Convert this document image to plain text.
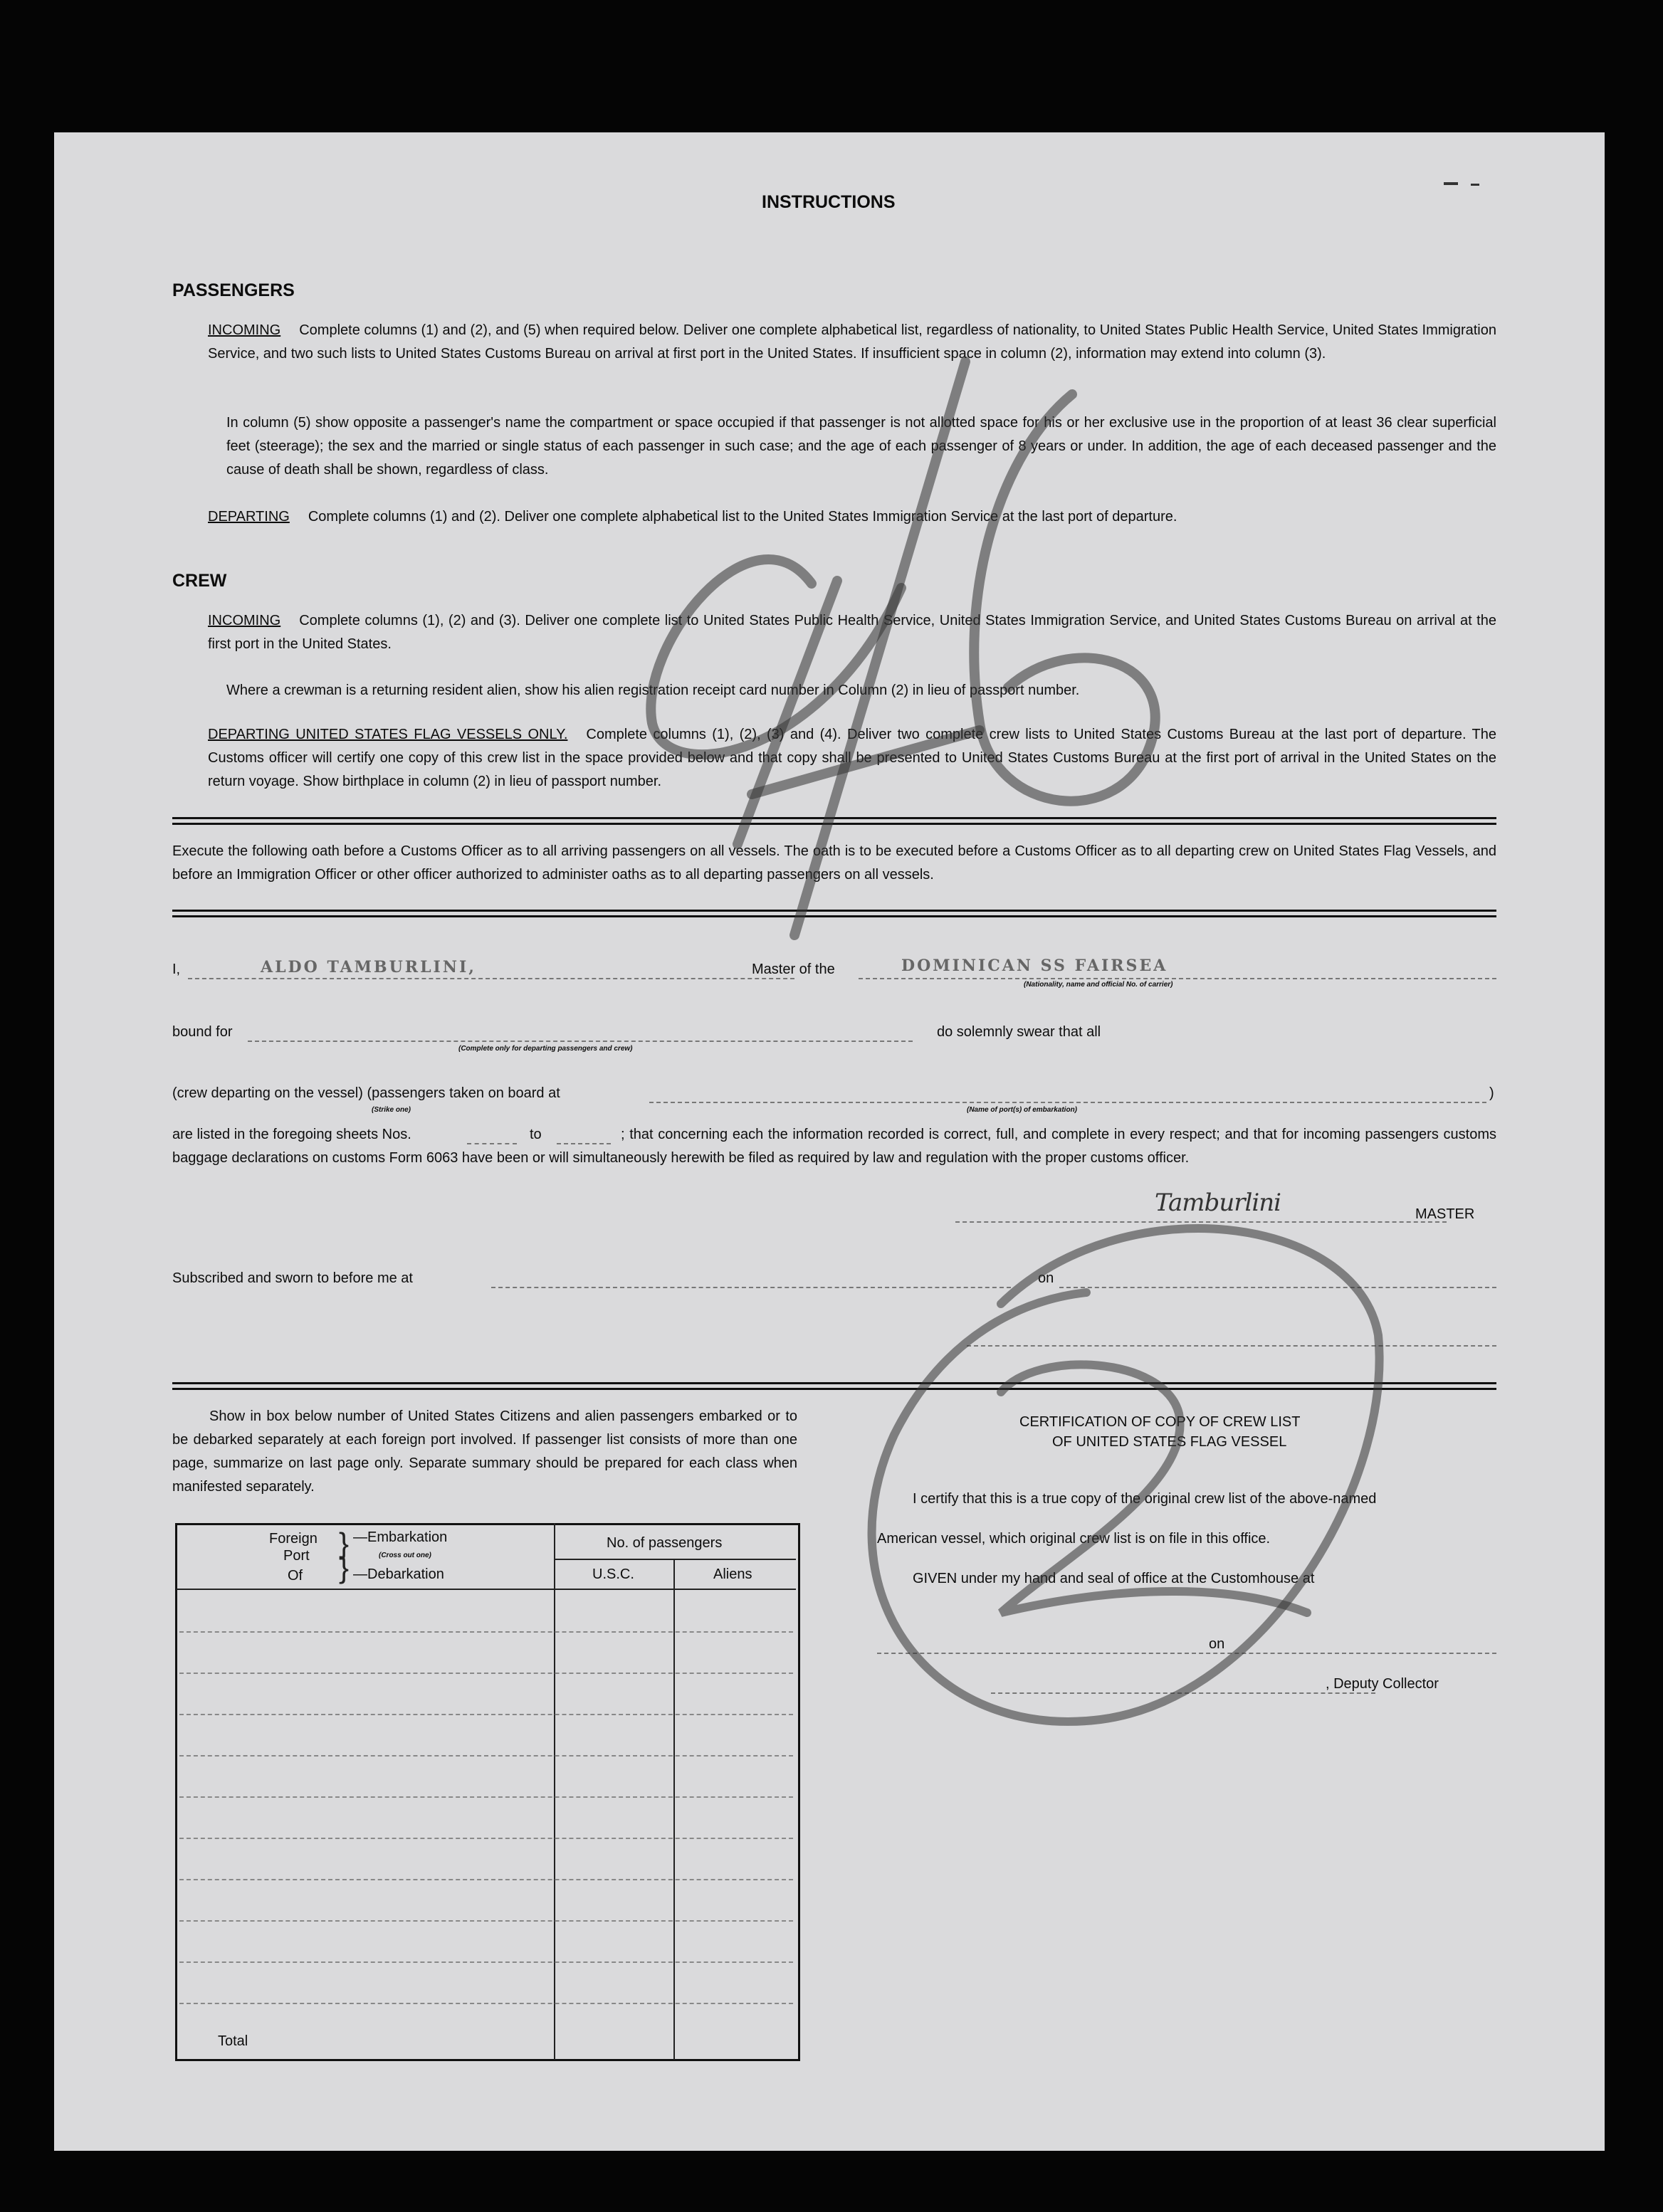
INSTRUCTIONS
PASSENGERS
INCOMING Complete columns (1) and (2), and (5) when required below. Deliver one complete alphabetical list, regardless of nationality, to United States Public Health Service, United States Immigration Service, and two such lists to United States Customs Bureau on arrival at first port in the United States. If insufficient space in column (2), information may extend into column (3).
In column (5) show opposite a passenger's name the compartment or space occupied if that passenger is not allotted space for his or her exclusive use in the proportion of at least 36 clear superficial feet (steerage); the sex and the married or single status of each passenger in such case; and the age of each passenger of 8 years or under. In addition, the age of each deceased passenger and the cause of death shall be shown, regardless of class.
DEPARTING Complete columns (1) and (2). Deliver one complete alphabetical list to the United States Immigration Service at the last port of departure.
CREW
INCOMING Complete columns (1), (2) and (3). Deliver one complete list to United States Public Health Service, United States Immigration Service, and United States Customs Bureau on arrival at the first port in the United States.
Where a crewman is a returning resident alien, show his alien registration receipt card number in Column (2) in lieu of passport number.
DEPARTING UNITED STATES FLAG VESSELS ONLY. Complete columns (1), (2), (3) and (4). Deliver two complete crew lists to United States Customs Bureau at the last port of departure. The Customs officer will certify one copy of this crew list in the space provided below and that copy shall be presented to United States Customs Bureau at the first port of arrival in the United States on the return voyage. Show birthplace in column (2) in lieu of passport number.
Execute the following oath before a Customs Officer as to all arriving passengers on all vessels. The oath is to be executed before a Customs Officer as to all departing crew on United States Flag Vessels, and before an Immigration Officer or other officer authorized to administer oaths as to all departing passengers on all vessels.
I,	ALDO TAMBURLINI,	Master of the	DOMINICAN SS FAIRSEA
(Nationality, name and official No. of carrier)
bound for
(Complete only for departing passengers and crew)
do solemnly swear that all
(crew departing on the vessel) (passengers taken on board at	)
(Strike one)	(Name of port(s) of embarkation)
are listed in the foregoing sheets Nos.	to	; that concerning each the information recorded is correct, full, and complete in every respect; and that for incoming passengers customs baggage declarations on customs Form 6063 have been or will simultaneously herewith be filed as required by law and regulation with the proper customs officer.
Tamburlini	MASTER
Subscribed and sworn to before me at	on
Show in box below number of United States Citizens and alien passengers embarked or to be debarked separately at each foreign port involved. If passenger list consists of more than one page, summarize on last page only. Separate summary should be prepared for each class when manifested separately.
Foreign
Port
Of
}
}
—Embarkation
(Cross out one)
—Debarkation
No. of passengers
U.S.C.	Aliens
Total
CERTIFICATION OF COPY OF CREW LIST
OF UNITED STATES FLAG VESSEL
I certify that this is a true copy of the original crew list of the above-named
American vessel, which original crew list is on file in this office.
GIVEN under my hand and seal of office at the Customhouse at
on
, Deputy Collector
